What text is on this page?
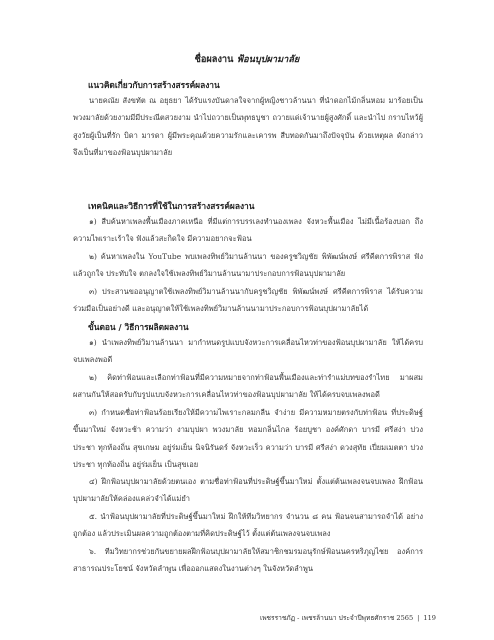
ชื่อผลงาน ฟ้อนบุปผามาลัย
แนวคิดเกี่ยวกับการสร้างสรรค์ผลงาน
นายคณัย สังขทัต ณ อยุธยา ได้รับแรงบันดาลใจจากผู้หญิงชาวล้านนา ที่นำดอกไม้กลิ่นหอม มาร้อยเป็นพวงมาลัยด้วยงามมีมีประณีตสวยงาม นำไปถวายเป็นพุทธบูชา ถวายแด่เจ้านายผู้สูงศักดิ์ และนำไป กราบไหว้ผู้สูงวัยผู้เป็นที่รัก บิดา มารดา ผู้มีพระคุณด้วยความรักและเคารพ สืบทอดกันมาถึงปัจจุบัน ด้วยเหตุผล ดังกล่าว จึงเป็นที่มาของฟ้อนบุปผามาลัย
เทคนิคและวิธีการที่ใช้ในการสร้างสรรค์ผลงาน
๑) สืบค้นหาเพลงพื้นเมืองภาคเหนือ ที่มีแต่การบรรเลงทำนองเพลง จังหวะพื้นเมือง ไม่มีเนื้อร้องบอก ถึงความไพเราะเร้าใจ ฟังแล้วสะกิดใจ มีความอยากจะฟ้อน
๒) ค้นหาเพลงใน YouTube พบเพลงทิพย์วิมานล้านนา ของครูชวิญชัย พิพัฒน์พงษ์ ศรีคีตการพิราส ฟังแล้วถูกใจ ประทับใจ ตกลงใจใช้เพลงทิพย์วิมานล้านนามาประกอบการฟ้อนบุปผามาลัย
๓) ประสานขออนุญาตใช้เพลงทิพย์วิมานล้านนากับครูชวิญชัย พิพัฒน์พงษ์ ศรีคีตการพิราส ได้รับความร่วมมือเป็นอย่างดี และอนุญาตให้ใช้เพลงทิพย์วิมานล้านนามาประกอบการฟ้อนบุปผามาลัยได้
ขั้นตอน / วิธีการผลิตผลงาน
๑) นำเพลงทิพย์วิมานล้านนา มากำหนดรูปแบบจังหวะการเคลื่อนไหวท่าของฟ้อนบุปผามาลัย ให้ได้ครบจบเพลงพอดี
๒) คิดท่าฟ้อนและเลือกท่าฟ้อนที่มีความหมายจากท่าฟ้อนพื้นเมืองและท่ารำแม่บทของรำไทย มาผสมผสานกันให้สอดรับกับรูปแบบจังหวะการเคลื่อนไหวท่าของฟ้อนบุปผามาลัย ให้ได้ครบจบเพลงพอดี
๓) กำหนดชื่อท่าฟ้อนร้อยเรียงให้มีความไพเราะกลมกลืน จำง่าย มีความหมายตรงกับท่าฟ้อน ที่ประดิษฐ์ขึ้นมาใหม่ จังหวะช้า ความว่า งามบุปผา พวงมาลัย หอมกลิ่นไกล ร้อยบูชา องค์ศักดา บารมี ศรีสง่า ปวงประชา ทุกท้องถิ่น สุขเกษม อยู่ร่มเย็น นิจนิรันดร์ จังหวะเร็ว ความว่า บารมี ศรีสง่า ดวงสุทัย เปี่ยมเมตตา ปวงประชา ทุกท้องถิ่น อยู่ร่มเย็น เป็นสุขเอย
๔) ฝึกฟ้อนบุปผามาลัยด้วยตนเอง ตามชื่อท่าฟ้อนที่ประดิษฐ์ขึ้นมาใหม่ ตั้งแต่ต้นเพลงจนจบเพลง ฝึกฟ้อนบุปผามาลัยให้คล่องแคล่วจำได้แม่ยำ
๕. นำฟ้อนบุปผามาลัยที่ประดิษฐ์ขึ้นมาใหม่ ฝึกให้ทีมวิทยากร จำนวน ๘ คน ฟ้อนจนสามารถจำได้ อย่างถูกต้อง แล้วประเมินผลความถูกต้องตามที่คิดประดิษฐ์ไว้ ตั้งแต่ต้นเพลงจนจบเพลง
๖. ทีมวิทยากรช่วยกันขยายผลฝึกฟ้อนบุปผามาลัยให้สมาชิกชมรมอนุรักษ์ฟ้อนนครหริภุญไชย องค์การสาธารณประโยชน์ จังหวัดลำพูน เพื่อออกแสดงในงานต่างๆ ในจังหวัดลำพูน
เพชรราชภัฏ - เพชรล้านนา ประจำปีพุทธศักราช 2565 | 119
